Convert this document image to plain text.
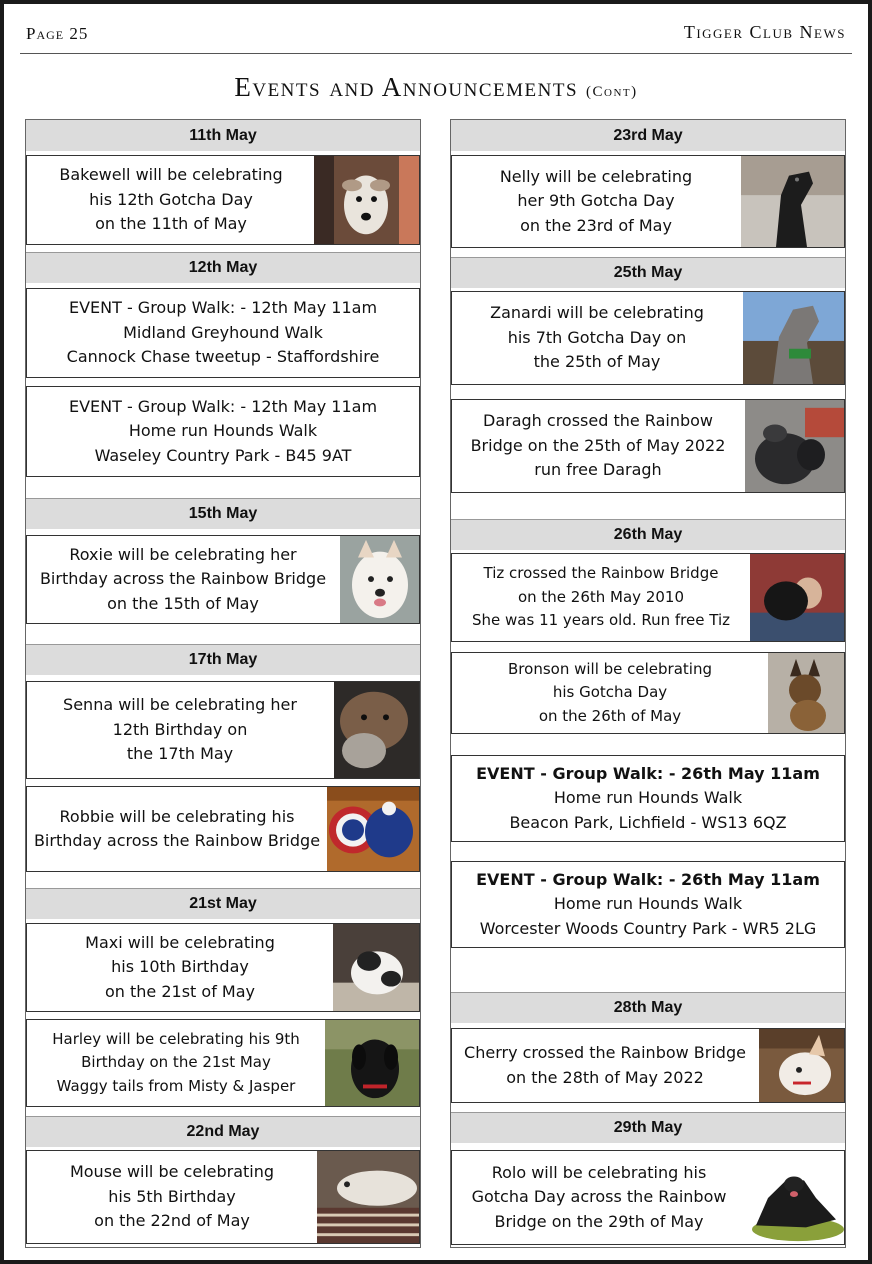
Page 25	Tigger Club News
Events and Announcements (Cont)
11th May
Bakewell will be celebrating
his 12th Gotcha Day
on the 11th of May
12th May
EVENT - Group Walk: - 12th May 11am
Midland Greyhound Walk
Cannock Chase tweetup - Staffordshire
EVENT - Group Walk: - 12th May 11am
Home run Hounds Walk
Waseley Country Park - B45 9AT
15th May
Roxie will be celebrating her
Birthday across the Rainbow Bridge
on the 15th of May
17th May
Senna will be celebrating her
12th Birthday on
the 17th May
Robbie will be celebrating his
Birthday across the Rainbow Bridge
21st May
Maxi will be celebrating
his 10th Birthday
on the 21st of May
Harley will be celebrating his 9th
Birthday on the 21st May
Waggy tails from Misty & Jasper
22nd May
Mouse will be celebrating
his 5th Birthday
on the 22nd of May
23rd May
Nelly will be celebrating
her 9th Gotcha Day
on the 23rd of May
25th May
Zanardi will be celebrating
his 7th Gotcha Day on
the 25th of May
Daragh crossed the Rainbow
Bridge on the 25th of May 2022
run free Daragh
26th May
Tiz crossed the Rainbow Bridge
on the 26th May 2010
She was 11 years old. Run free Tiz
Bronson will be celebrating
his Gotcha Day
on the 26th of May
EVENT - Group Walk: - 26th May 11am
Home run Hounds Walk
Beacon Park, Lichfield - WS13 6QZ
EVENT - Group Walk: - 26th May 11am
Home run Hounds Walk
Worcester Woods Country Park - WR5 2LG
28th May
Cherry crossed the Rainbow Bridge
on the 28th of May 2022
29th May
Rolo will be celebrating his
Gotcha Day across the Rainbow
Bridge on the 29th of May
